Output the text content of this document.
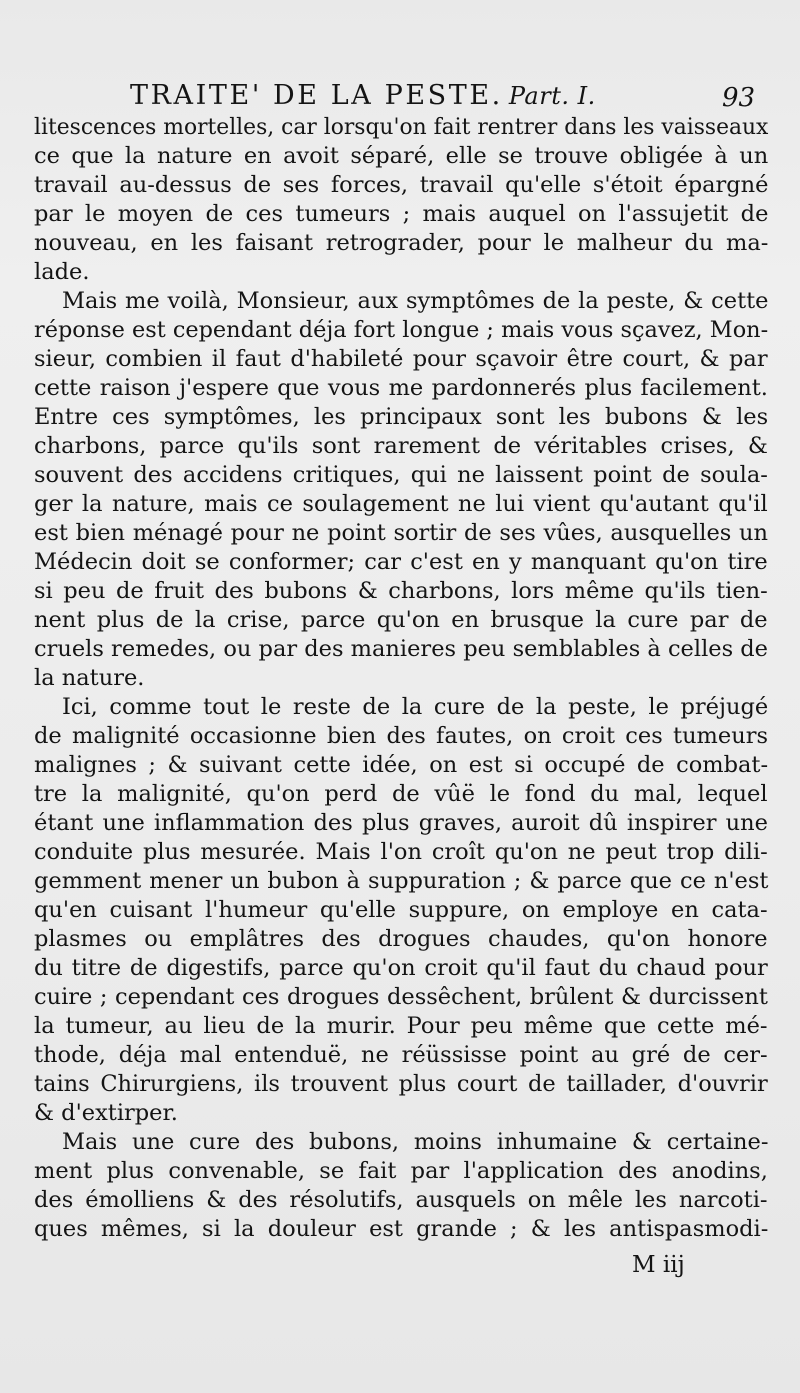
TRAITE' DE LA PESTE. Part. I.	93
litescences mortelles, car lorsqu'on fait rentrer dans les vaisseaux
ce que la nature en avoit séparé, elle se trouve obligée à un
travail au-dessus de ses forces, travail qu'elle s'étoit épargné
par le moyen de ces tumeurs ; mais auquel on l'assujetit de
nouveau, en les faisant retrograder, pour le malheur du ma-
lade.
Mais me voilà, Monsieur, aux symptômes de la peste, & cette
réponse est cependant déja fort longue ; mais vous sçavez, Mon-
sieur, combien il faut d'habileté pour sçavoir être court, & par
cette raison j'espere que vous me pardonnerés plus facilement.
Entre ces symptômes, les principaux sont les bubons & les
charbons, parce qu'ils sont rarement de véritables crises, &
souvent des accidens critiques, qui ne laissent point de soula-
ger la nature, mais ce soulagement ne lui vient qu'autant qu'il
est bien ménagé pour ne point sortir de ses vûes, ausquelles un
Médecin doit se conformer; car c'est en y manquant qu'on tire
si peu de fruit des bubons & charbons, lors même qu'ils tien-
nent plus de la crise, parce qu'on en brusque la cure par de
cruels remedes, ou par des manieres peu semblables à celles de
la nature.
Ici, comme tout le reste de la cure de la peste, le préjugé
de malignité occasionne bien des fautes, on croit ces tumeurs
malignes ; & suivant cette idée, on est si occupé de combat-
tre la malignité, qu'on perd de vûë le fond du mal, lequel
étant une inflammation des plus graves, auroit dû inspirer une
conduite plus mesurée. Mais l'on croît qu'on ne peut trop dili-
gemment mener un bubon à suppuration ; & parce que ce n'est
qu'en cuisant l'humeur qu'elle suppure, on employe en cata-
plasmes ou emplâtres des drogues chaudes, qu'on honore
du titre de digestifs, parce qu'on croit qu'il faut du chaud pour
cuire ; cependant ces drogues dessêchent, brûlent & durcissent
la tumeur, au lieu de la murir. Pour peu même que cette mé-
thode, déja mal entenduë, ne réüssisse point au gré de cer-
tains Chirurgiens, ils trouvent plus court de taillader, d'ouvrir
& d'extirper.
Mais une cure des bubons, moins inhumaine & certaine-
ment plus convenable, se fait par l'application des anodins,
des émolliens & des résolutifs, ausquels on mêle les narcoti-
ques mêmes, si la douleur est grande ; & les antispasmodi-
M iij
